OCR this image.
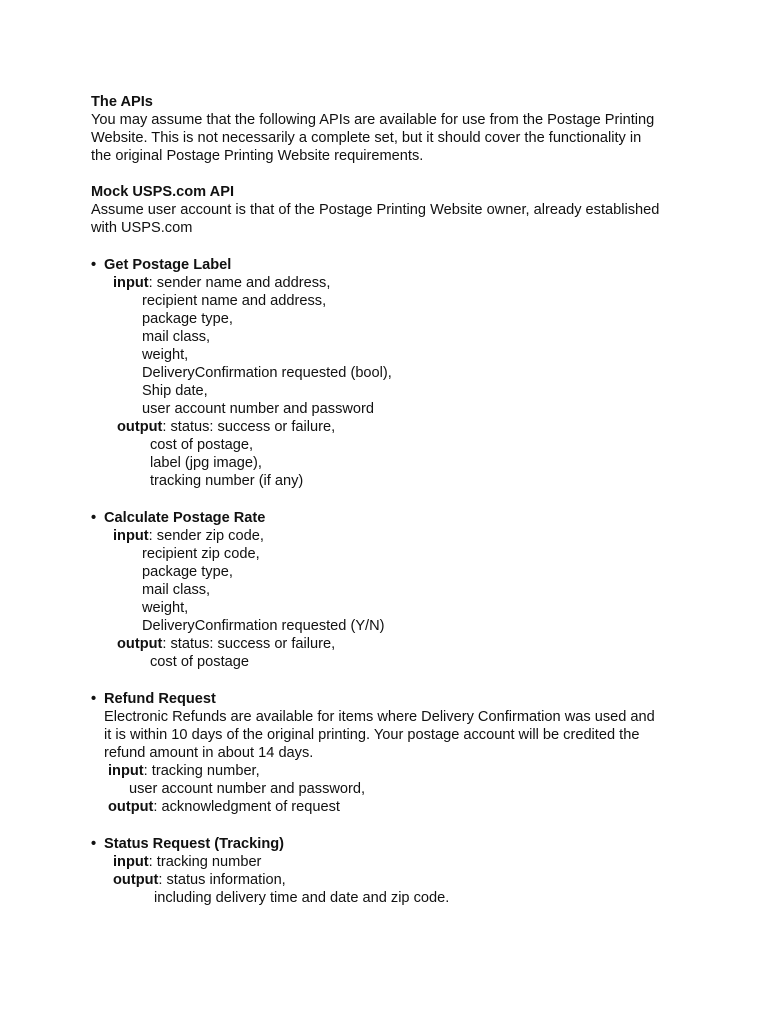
The APIs
You may assume that the following APIs are available for use from the Postage Printing
Website. This is not necessarily a complete set, but it should cover the functionality in
the original Postage Printing Website requirements.
Mock USPS.com API
Assume user account is that of the Postage Printing Website owner, already established
with USPS.com
• Get Postage Label
input: sender name and address,
recipient name and address,
package type,
mail class,
weight,
DeliveryConfirmation requested (bool),
Ship date,
user account number and password
output: status: success or failure,
cost of postage,
label (jpg image),
tracking number (if any)
• Calculate Postage Rate
input: sender zip code,
recipient zip code,
package type,
mail class,
weight,
DeliveryConfirmation requested (Y/N)
output: status: success or failure,
cost of postage
• Refund Request
Electronic Refunds are available for items where Delivery Confirmation was used and
it is within 10 days of the original printing. Your postage account will be credited the
refund amount in about 14 days.
input: tracking number,
user account number and password,
output: acknowledgment of request
• Status Request (Tracking)
input: tracking number
output: status information,
including delivery time and date and zip code.
